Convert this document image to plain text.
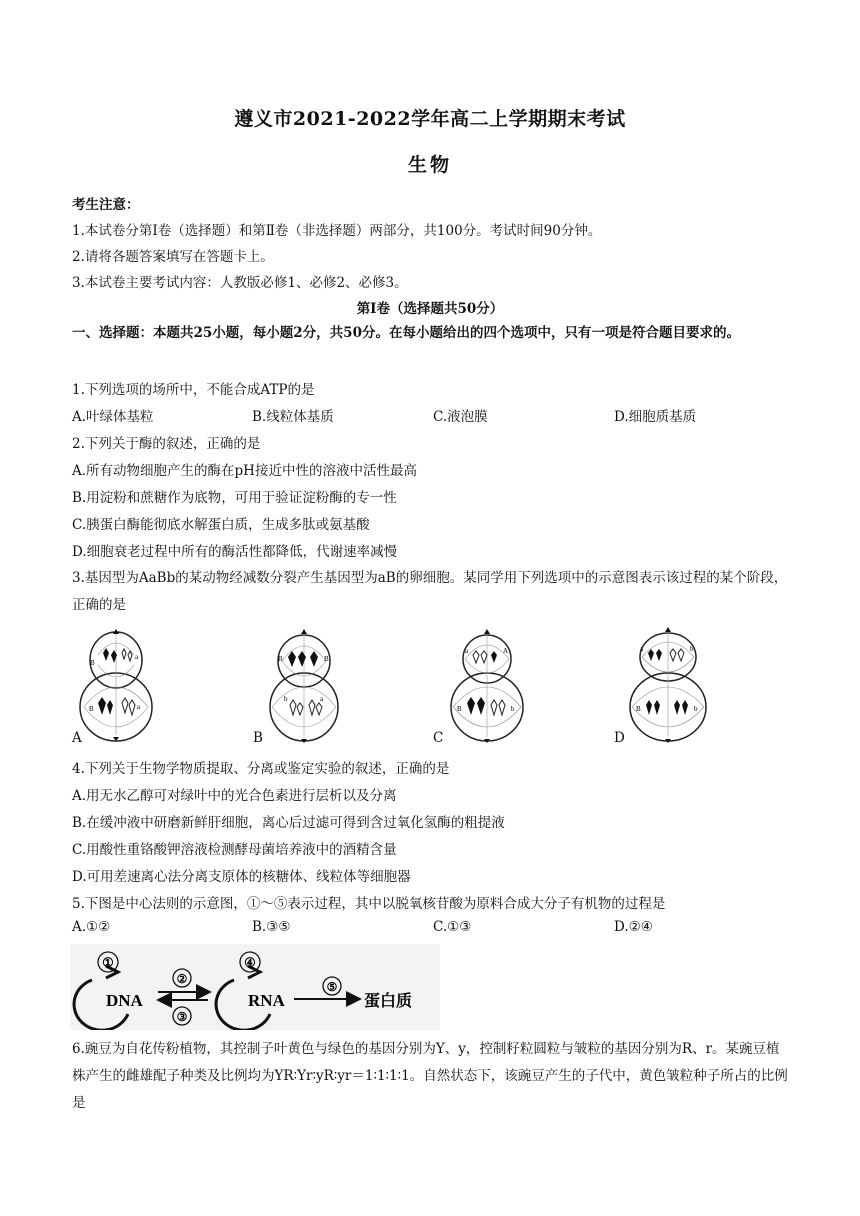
遵义市2021-2022学年高二上学期期末考试
生物
考生注意：
1.本试卷分第Ⅰ卷（选择题）和第Ⅱ卷（非选择题）两部分，共100分。考试时间90分钟。
2.请将各题答案填写在答题卡上。
3.本试卷主要考试内容：人教版必修1、必修2、必修3。
第Ⅰ卷（选择题共50分）
一、选择题：本题共25小题，每小题2分，共50分。在每小题给出的四个选项中，只有一项是符合题目要求的。
1.下列选项的场所中，不能合成ATP的是
A.叶绿体基粒	B.线粒体基质	C.液泡膜	D.细胞质基质
2.下列关于酶的叙述，正确的是
A.所有动物细胞产生的酶在pH接近中性的溶液中活性最高
B.用淀粉和蔗糖作为底物，可用于验证淀粉酶的专一性
C.胰蛋白酶能彻底水解蛋白质，生成多肽或氨基酸
D.细胞衰老过程中所有的酶活性都降低，代谢速率减慢
3.基因型为AaBb的某动物经减数分裂产生基因型为aB的卵细胞。某同学用下列选项中的示意图表示该过程的某个阶段，正确的是
B
a
B	a
B	B
b	a
a	A
B	b
a	b
B	b
A	B	C	D
4.下列关于生物学物质提取、分离或鉴定实验的叙述，正确的是
A.用无水乙醇可对绿叶中的光合色素进行层析以及分离
B.在缓冲液中研磨新鲜肝细胞，离心后过滤可得到含过氧化氢酶的粗提液
C.用酸性重铬酸钾溶液检测酵母菌培养液中的酒精含量
D.可用差速离心法分离支原体的核糖体、线粒体等细胞器
5.下图是中心法则的示意图，①～⑤表示过程，其中以脱氧核苷酸为原料合成大分子有机物的过程是
A.①②	B.③⑤	C.①③	D.②④
①
DNA
②
③
④
RNA
⑤
蛋白质
6.豌豆为自花传粉植物，其控制子叶黄色与绿色的基因分别为Y、y，控制籽粒圆粒与皱粒的基因分别为R、r。某豌豆植株产生的雌雄配子种类及比例均为YR∶Yr∶yR∶yr＝1∶1∶1∶1。自然状态下，该豌豆产生的子代中，黄色皱粒种子所占的比例是
